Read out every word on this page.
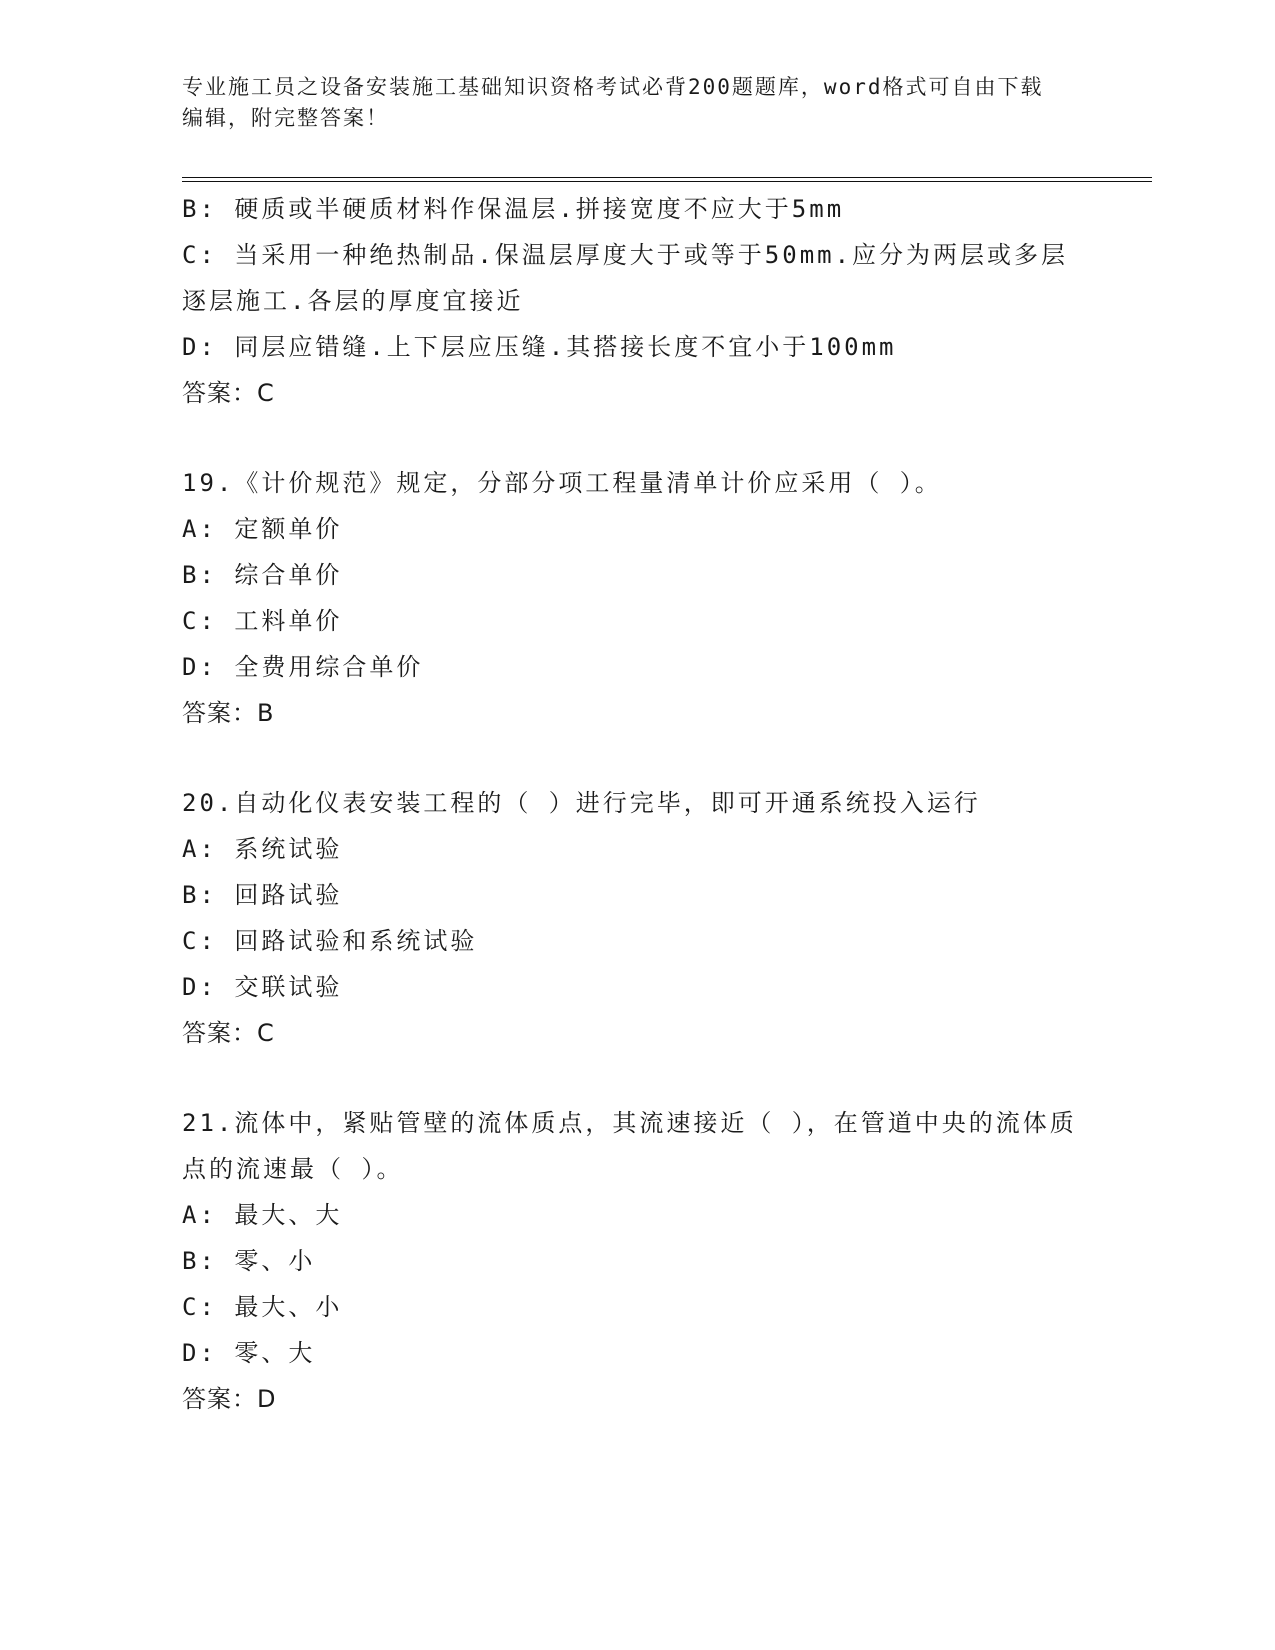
专业施工员之设备安装施工基础知识资格考试必背200题题库，word格式可自由下载编辑，附完整答案！
B: 硬质或半硬质材料作保温层.拼接宽度不应大于5mm
C: 当采用一种绝热制品.保温层厚度大于或等于50mm.应分为两层或多层逐层施工.各层的厚度宜接近
D: 同层应错缝.上下层应压缝.其搭接长度不宜小于100mm
答案：C
19.《计价规范》规定，分部分项工程量清单计价应采用（ ）。
A: 定额单价
B: 综合单价
C: 工料单价
D: 全费用综合单价
答案：B
20.自动化仪表安装工程的（ ）进行完毕，即可开通系统投入运行
A: 系统试验
B: 回路试验
C: 回路试验和系统试验
D: 交联试验
答案：C
21.流体中，紧贴管壁的流体质点，其流速接近（ ），在管道中央的流体质点的流速最（ ）。
A: 最大、大
B: 零、小
C: 最大、小
D: 零、大
答案：D
